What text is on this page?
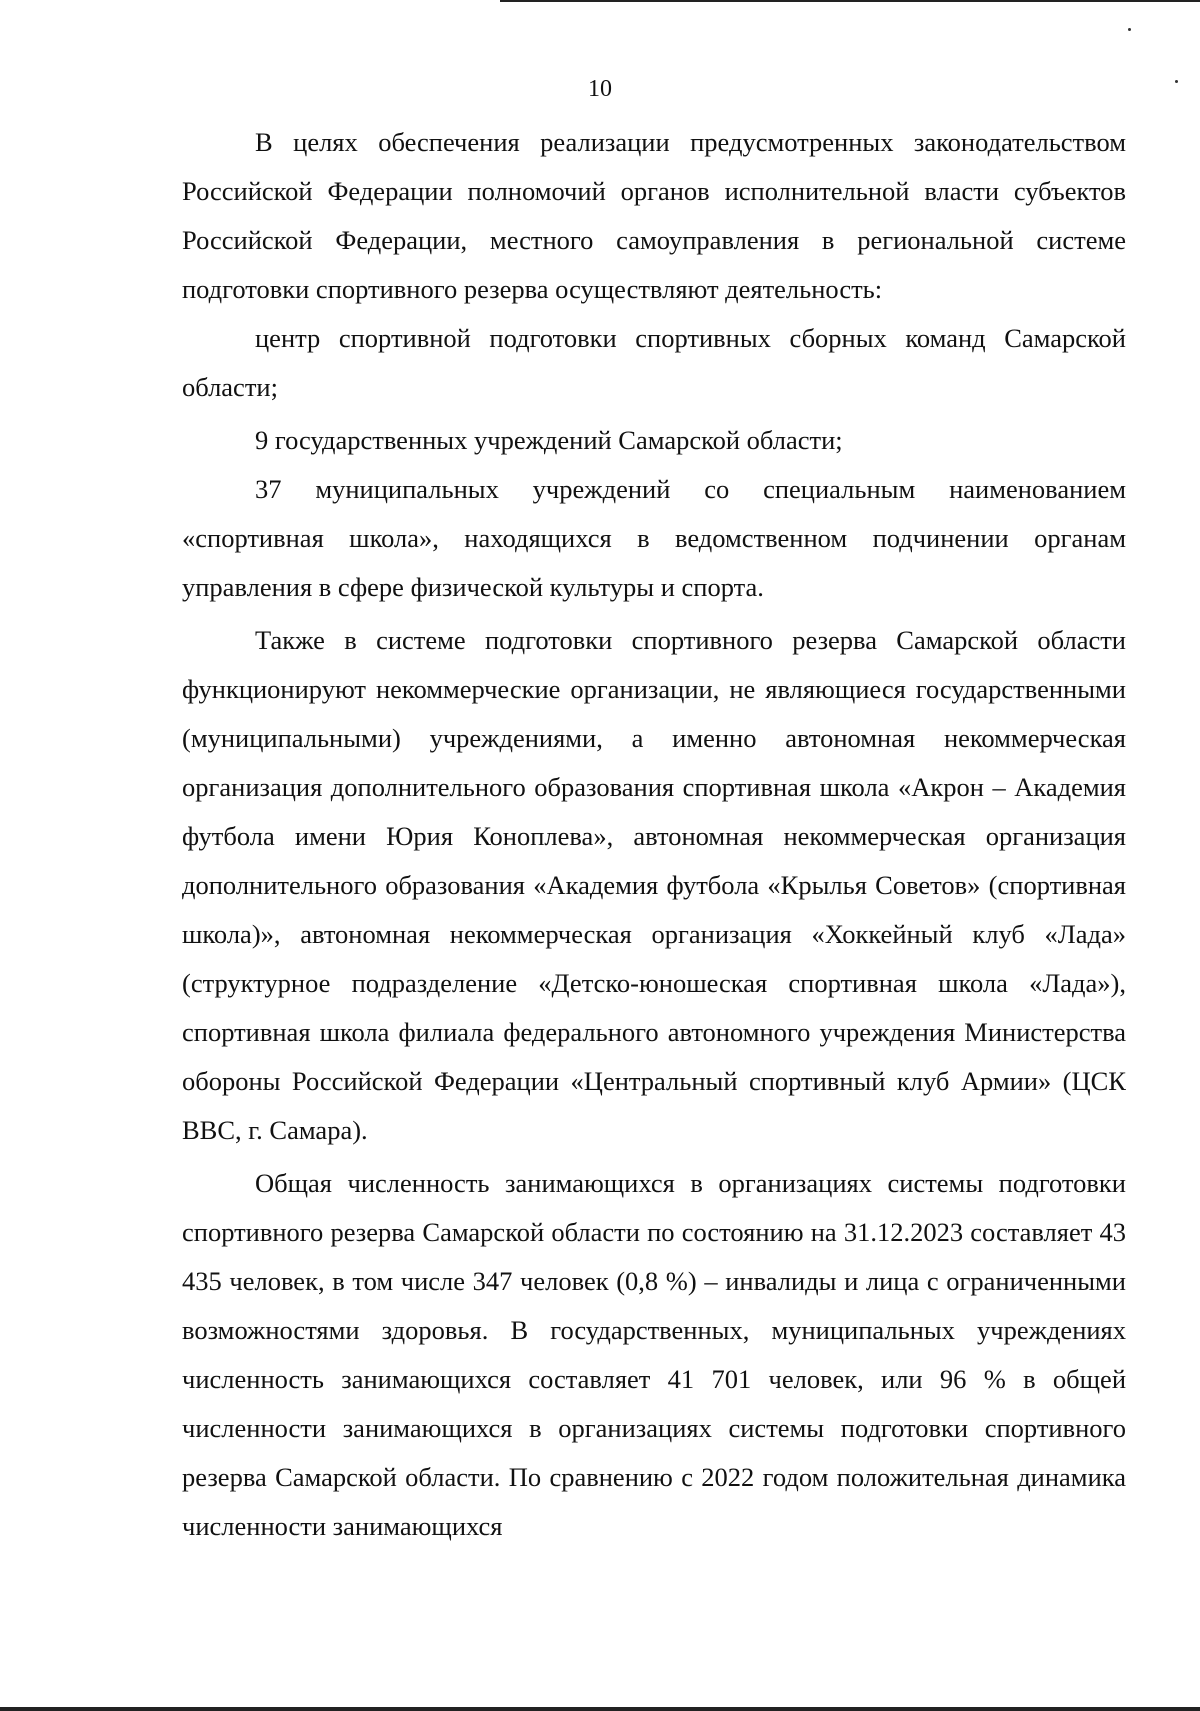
10

В целях обеспечения реализации предусмотренных законодательством Российской Федерации полномочий органов исполнительной власти субъектов Российской Федерации, местного самоуправления в региональной системе подготовки спортивного резерва осуществляют деятельность:

центр спортивной подготовки спортивных сборных команд Самарской области;

9 государственных учреждений Самарской области;

37 муниципальных учреждений со специальным наименованием «спортивная школа», находящихся в ведомственном подчинении органам управления в сфере физической культуры и спорта.

Также в системе подготовки спортивного резерва Самарской области функционируют некоммерческие организации, не являющиеся государственными (муниципальными) учреждениями, а именно автономная некоммерческая организация дополнительного образования спортивная школа «Акрон – Академия футбола имени Юрия Коноплева», автономная некоммерческая организация дополнительного образования «Академия футбола «Крылья Советов» (спортивная школа)», автономная некоммерческая организация «Хоккейный клуб «Лада» (структурное подразделение «Детско-юношеская спортивная школа «Лада»), спортивная школа филиала федерального автономного учреждения Министерства обороны Российской Федерации «Центральный спортивный клуб Армии» (ЦСК ВВС, г. Самара).

Общая численность занимающихся в организациях системы подготовки спортивного резерва Самарской области по состоянию на 31.12.2023 составляет 43 435 человек, в том числе 347 человек (0,8 %) – инвалиды и лица с ограниченными возможностями здоровья. В государственных, муниципальных учреждениях численность занимающихся составляет 41 701 человек, или 96 % в общей численности занимающихся в организациях системы подготовки спортивного резерва Самарской области. По сравнению с 2022 годом положительная динамика численности занимающихся
